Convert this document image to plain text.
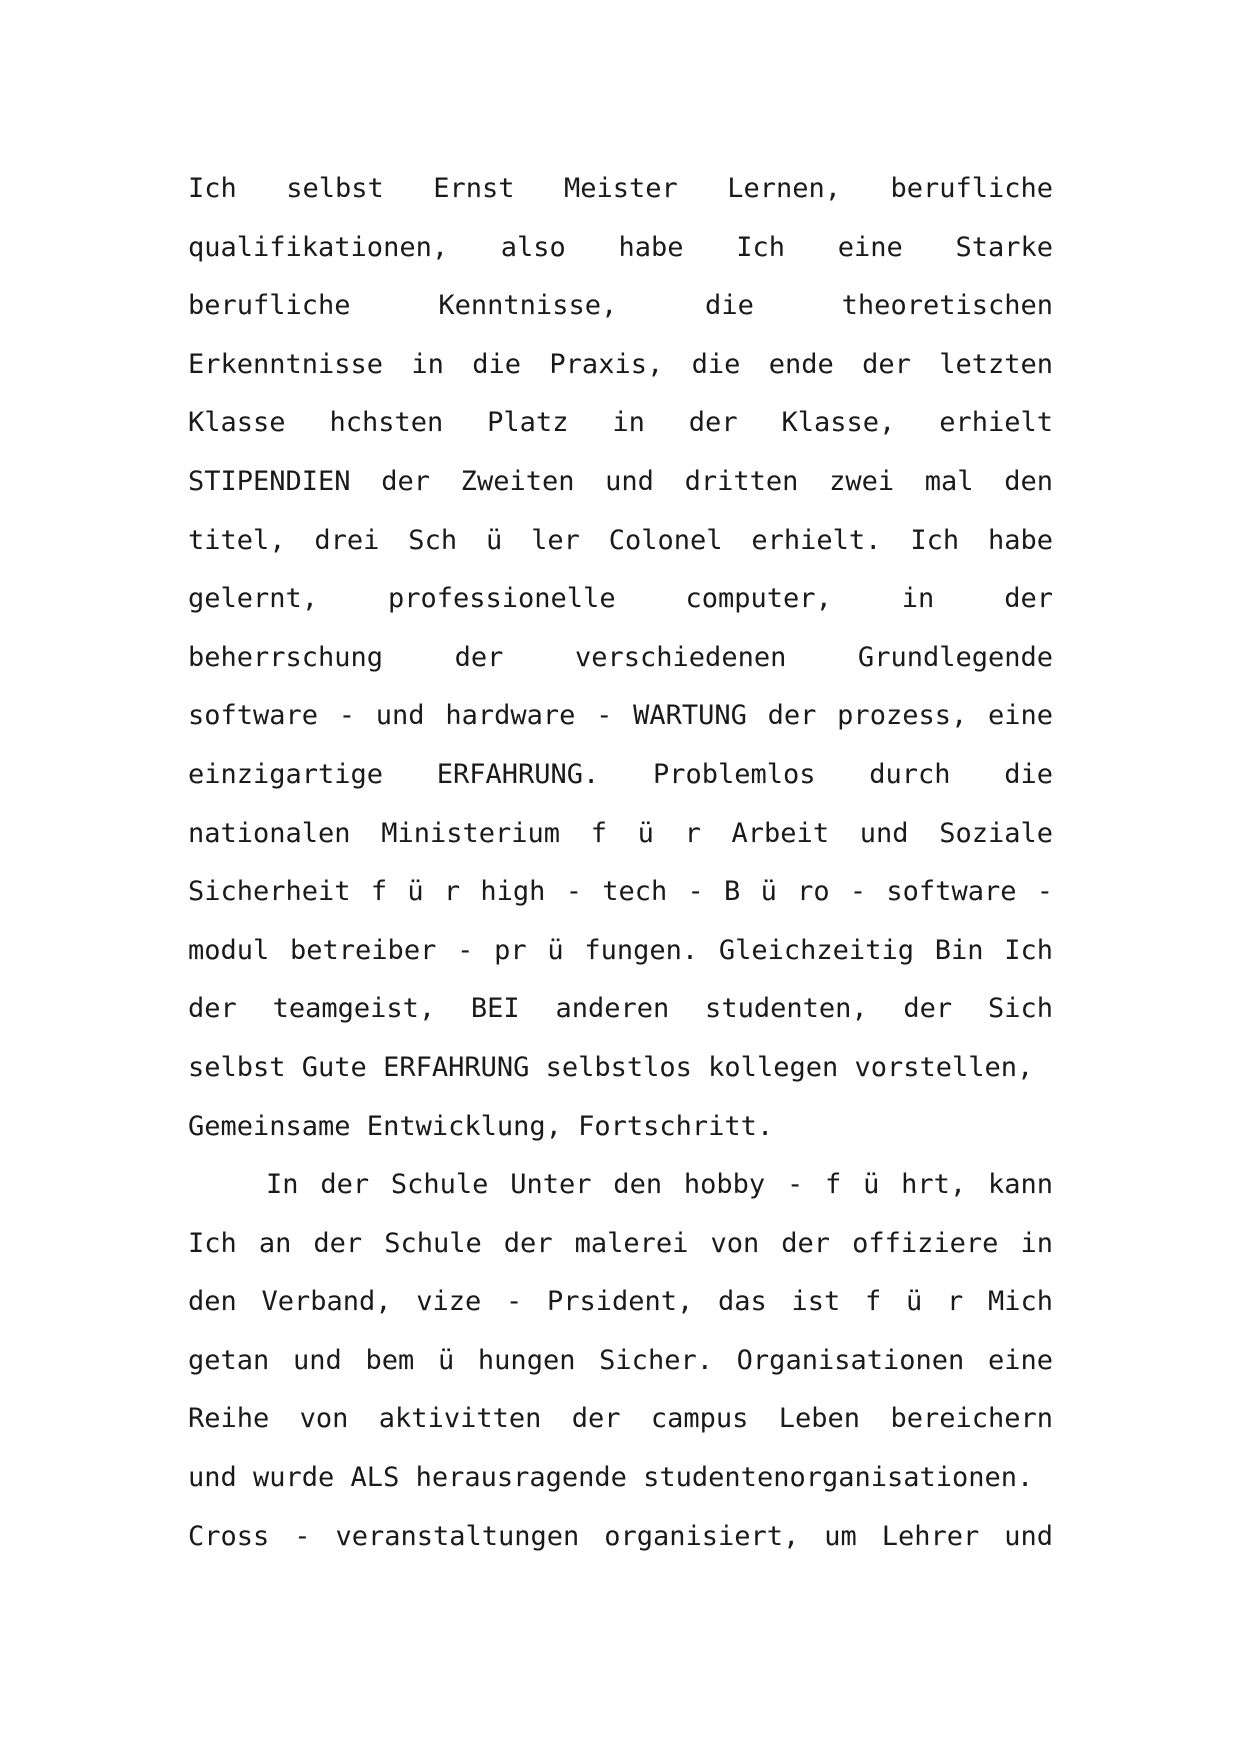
Ich selbst Ernst Meister Lernen, berufliche
qualifikationen, also habe Ich eine Starke
berufliche Kenntnisse, die theoretischen
Erkenntnisse in die Praxis, die ende der letzten
Klasse hchsten Platz in der Klasse, erhielt
STIPENDIEN der Zweiten und dritten zwei mal den
titel, drei Sch ü ler Colonel erhielt. Ich habe
gelernt, professionelle computer, in der
beherrschung der verschiedenen Grundlegende
software - und hardware - WARTUNG der prozess, eine
einzigartige ERFAHRUNG. Problemlos durch die
nationalen Ministerium f ü r Arbeit und Soziale
Sicherheit f ü r high - tech - B ü ro - software -
modul betreiber - pr ü fungen. Gleichzeitig Bin Ich
der teamgeist, BEI anderen studenten, der Sich
selbst Gute ERFAHRUNG selbstlos kollegen vorstellen,
Gemeinsame Entwicklung, Fortschritt.
In der Schule Unter den hobby - f ü hrt, kann
Ich an der Schule der malerei von der offiziere in
den Verband, vize - Prsident, das ist f ü r Mich
getan und bem ü hungen Sicher. Organisationen eine
Reihe von aktivitten der campus Leben bereichern
und wurde ALS herausragende studentenorganisationen.
Cross - veranstaltungen organisiert, um Lehrer und
